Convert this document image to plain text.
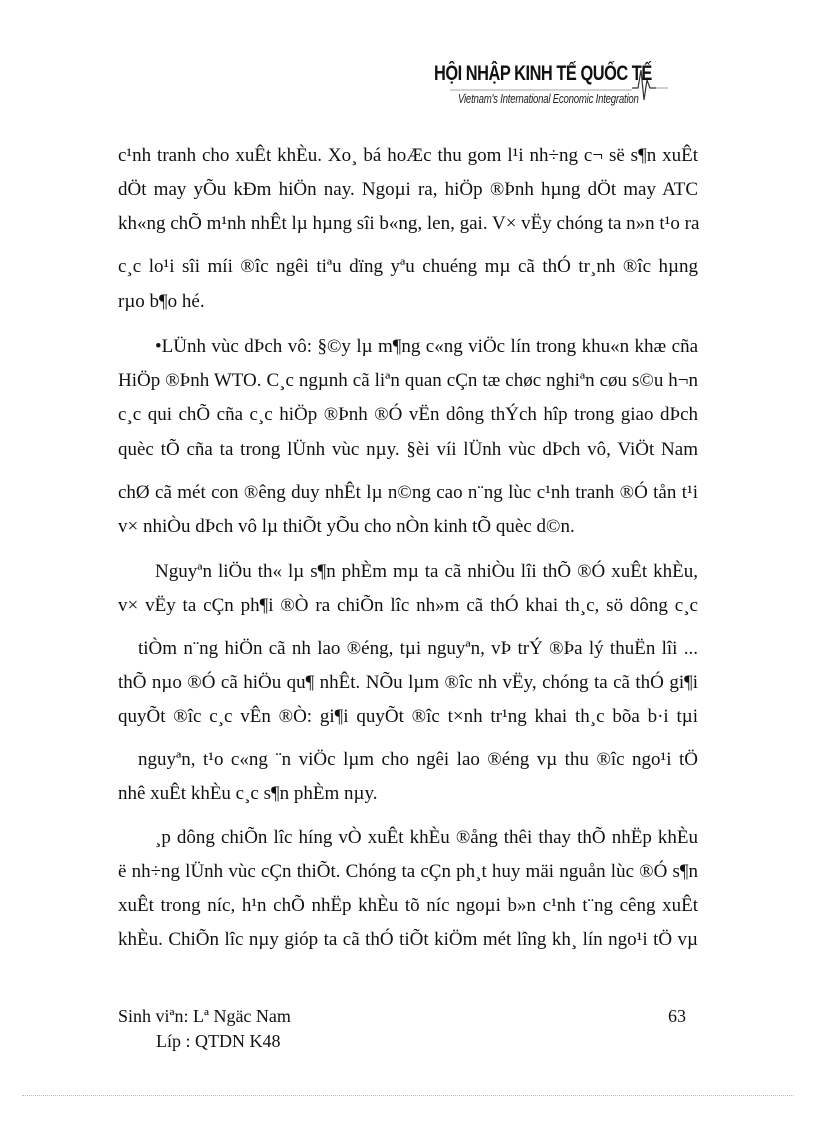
HỘI NHẬP KINH TẾ QUỐC TẾ
Vietnam's International Economic Integration
c¹nh tranh cho xuÊt khÈu. Xo¸ bá hoÆc thu gom l¹i nh÷ng c¬ së s¶n xuÊt
dÖt may yÕu kÐm hiÖn nay. Ngoµi ra, hiÖp ®Þnh hµng dÖt may ATC
kh«ng chÕ m¹nh nhÊt lµ hµng sîi b«ng, len, gai. V× vËy chóng ta n»n t¹o ra
c¸c lo¹i sîi míi ®îc ngêi tiªu dïng yªu chuéng mµ cã thÓ tr¸nh ®îc hµng
rµo b¶o hé.
•LÜnh vùc dÞch vô: §©y lµ m¶ng c«ng viÖc lín trong khu«n khæ cña
HiÖp ®Þnh WTO. C¸c ngµnh cã liªn quan cÇn tæ chøc nghiªn cøu s©u h¬n
c¸c qui chÕ cña c¸c hiÖp ®Þnh ®Ó vËn dông thÝch hîp trong giao dÞch
quèc tÕ cña ta trong lÜnh vùc nµy. §èi víi lÜnh vùc dÞch vô, ViÖt Nam
chØ cã mét con ®êng duy nhÊt lµ n©ng cao n¨ng lùc c¹nh tranh ®Ó tån t¹i
v× nhiÒu dÞch vô lµ thiÕt yÕu cho nÒn kinh tÕ quèc d©n.
Nguyªn liÖu th« lµ s¶n phÈm mµ ta cã nhiÒu lîi thÕ ®Ó xuÊt khÈu,
v× vËy ta cÇn ph¶i ®Ò ra chiÕn lîc nh»m cã thÓ khai th¸c, sö dông c¸c
tiÒm n¨ng hiÖn cã nh lao ®éng, tµi nguyªn, vÞ trÝ ®Þa lý thuËn lîi ...
thÕ nµo ®Ó cã hiÖu qu¶ nhÊt. NÕu lµm ®îc nh vËy, chóng ta cã thÓ gi¶i
quyÕt ®îc c¸c vÊn ®Ò: gi¶i quyÕt ®îc t×nh tr¹ng khai th¸c bõa b·i tµi
nguyªn, t¹o c«ng ¨n viÖc lµm cho ngêi lao ®éng vµ thu ®îc ngo¹i tÖ
nhê xuÊt khÈu c¸c s¶n phÈm nµy.
¸p dông chiÕn lîc híng vÒ xuÊt khÈu ®ång thêi thay thÕ nhËp khÈu
ë nh÷ng lÜnh vùc cÇn thiÕt. Chóng ta cÇn ph¸t huy mäi nguån lùc ®Ó s¶n
xuÊt trong níc, h¹n chÕ nhËp khÈu tõ níc ngoµi b»n c¹nh t¨ng cêng xuÊt
khÈu. ChiÕn lîc nµy gióp ta cã thÓ tiÕt kiÖm mét lîng kh¸ lín ngo¹i tÖ vµ
Sinh viªn: Lª Ngäc Nam
Líp : QTDN K48
63
